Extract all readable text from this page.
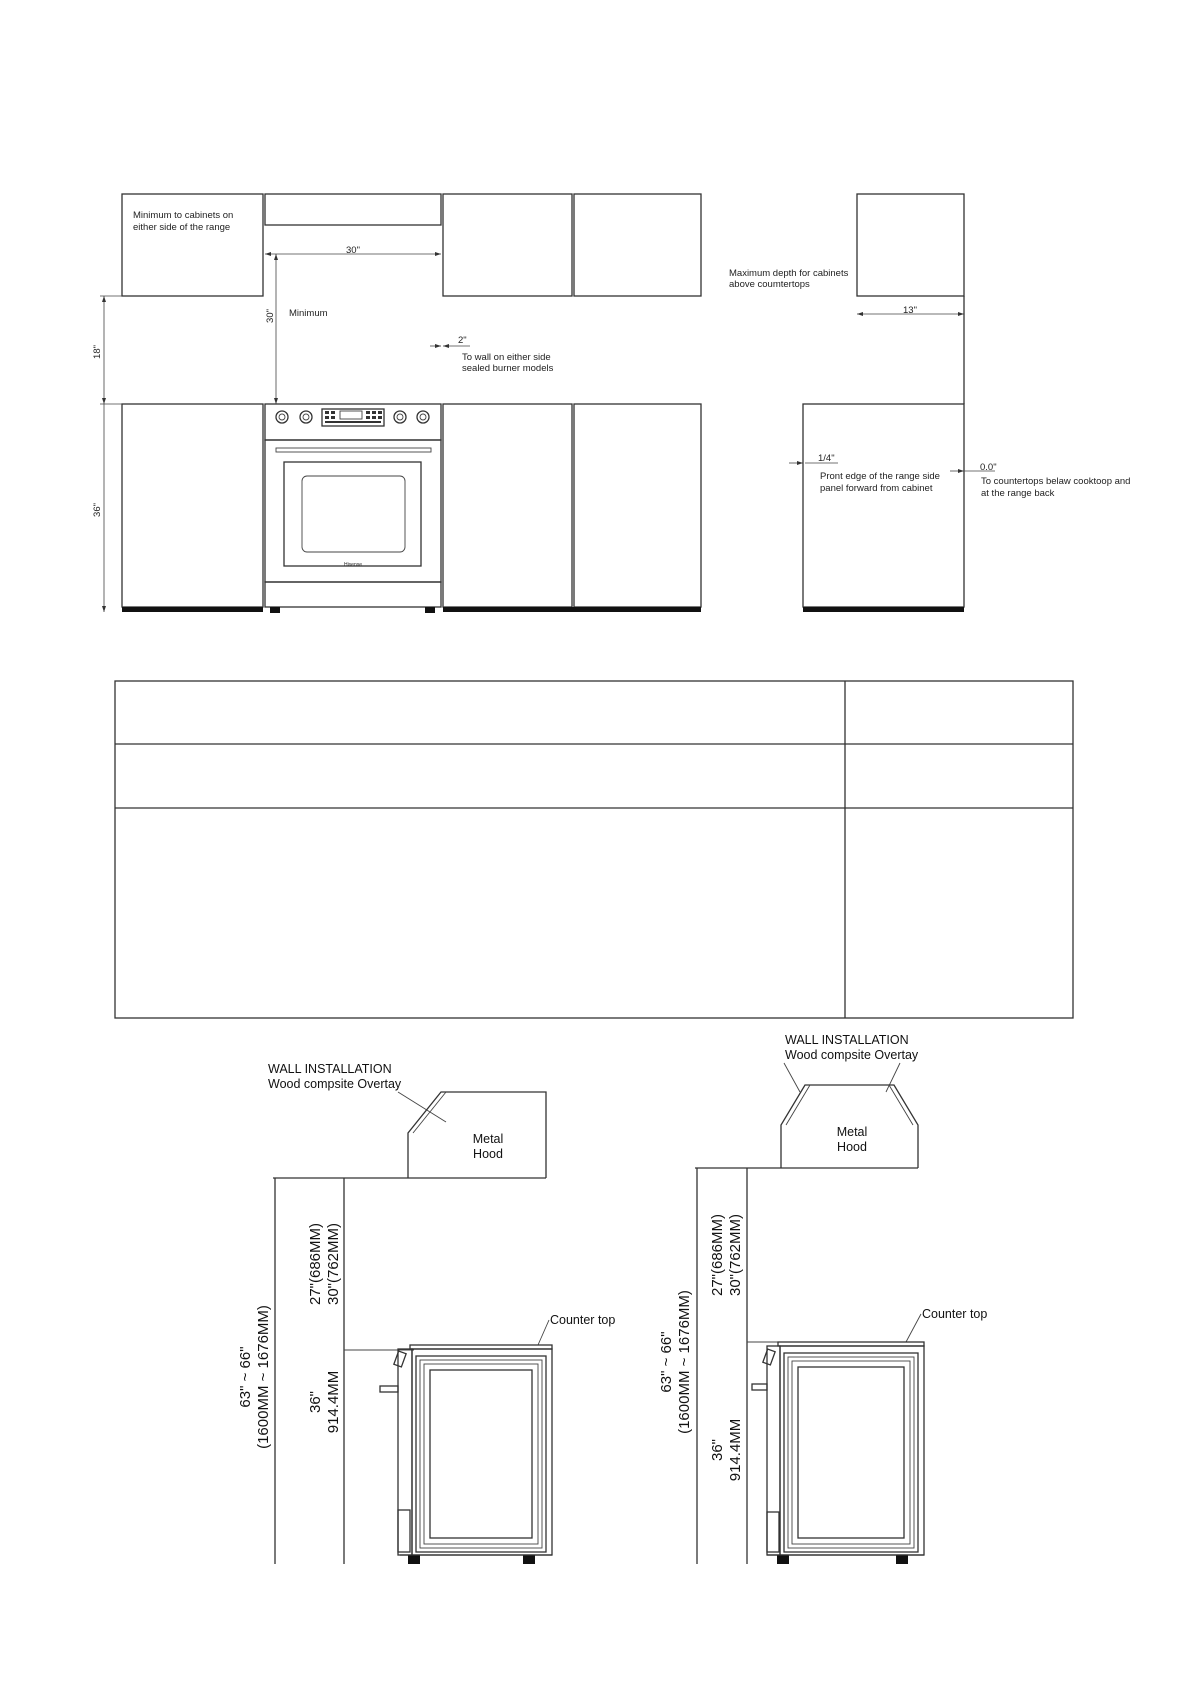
Hisense
30"
30" Minimum
Minimum to cabinets on
either side of the range
18"
36"
2"
To wall on either side
sealed burner models
Maximum depth for cabinets
above coumtertops
13"
1/4"
Pront edge of the range side
panel forward from cabinet
0.0"
To countertops belaw cooktoop and
at the range back
WALL INSTALLATION
Wood compsite Overtay
Metal
Hood
63" ~ 66" (1600MM ~ 1676MM)
27"(686MM) 30"(762MM)
36" 914.4MM
Counter top
WALL INSTALLATION
Wood compsite Overtay
Metal
Hood
63" ~ 66" (1600MM ~ 1676MM)
27"(686MM) 30"(762MM)
36" 914.4MM
Counter top
